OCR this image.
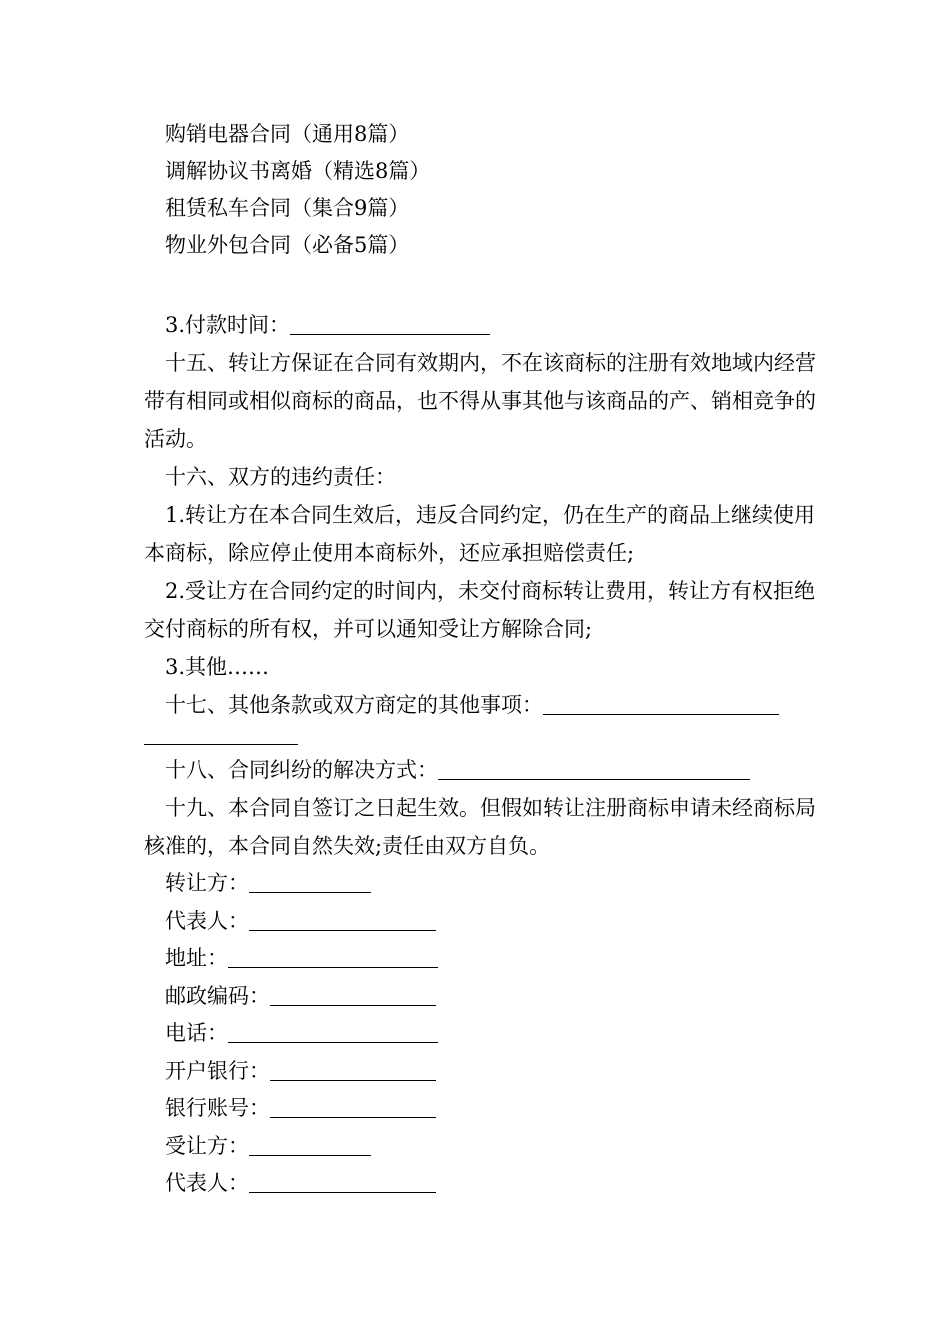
购销电器合同（通用8篇）
调解协议书离婚（精选8篇）
租赁私车合同（集合9篇）
物业外包合同（必备5篇）

3.付款时间：

十五、转让方保证在合同有效期内，不在该商标的注册有效地域内经营带有相同或相似商标的商品，也不得从事其他与该商品的产、销相竞争的活动。

十六、双方的违约责任：

1.转让方在本合同生效后，违反合同约定，仍在生产的商品上继续使用本商标，除应停止使用本商标外，还应承担赔偿责任;

2.受让方在合同约定的时间内，未交付商标转让费用，转让方有权拒绝交付商标的所有权，并可以通知受让方解除合同;

3.其他……

十七、其他条款或双方商定的其他事项：

十八、合同纠纷的解决方式：

十九、本合同自签订之日起生效。但假如转让注册商标申请未经商标局核准的，本合同自然失效;责任由双方自负。

转让方：

代表人：

地址：

邮政编码：

电话：

开户银行：

银行账号：

受让方：

代表人：
